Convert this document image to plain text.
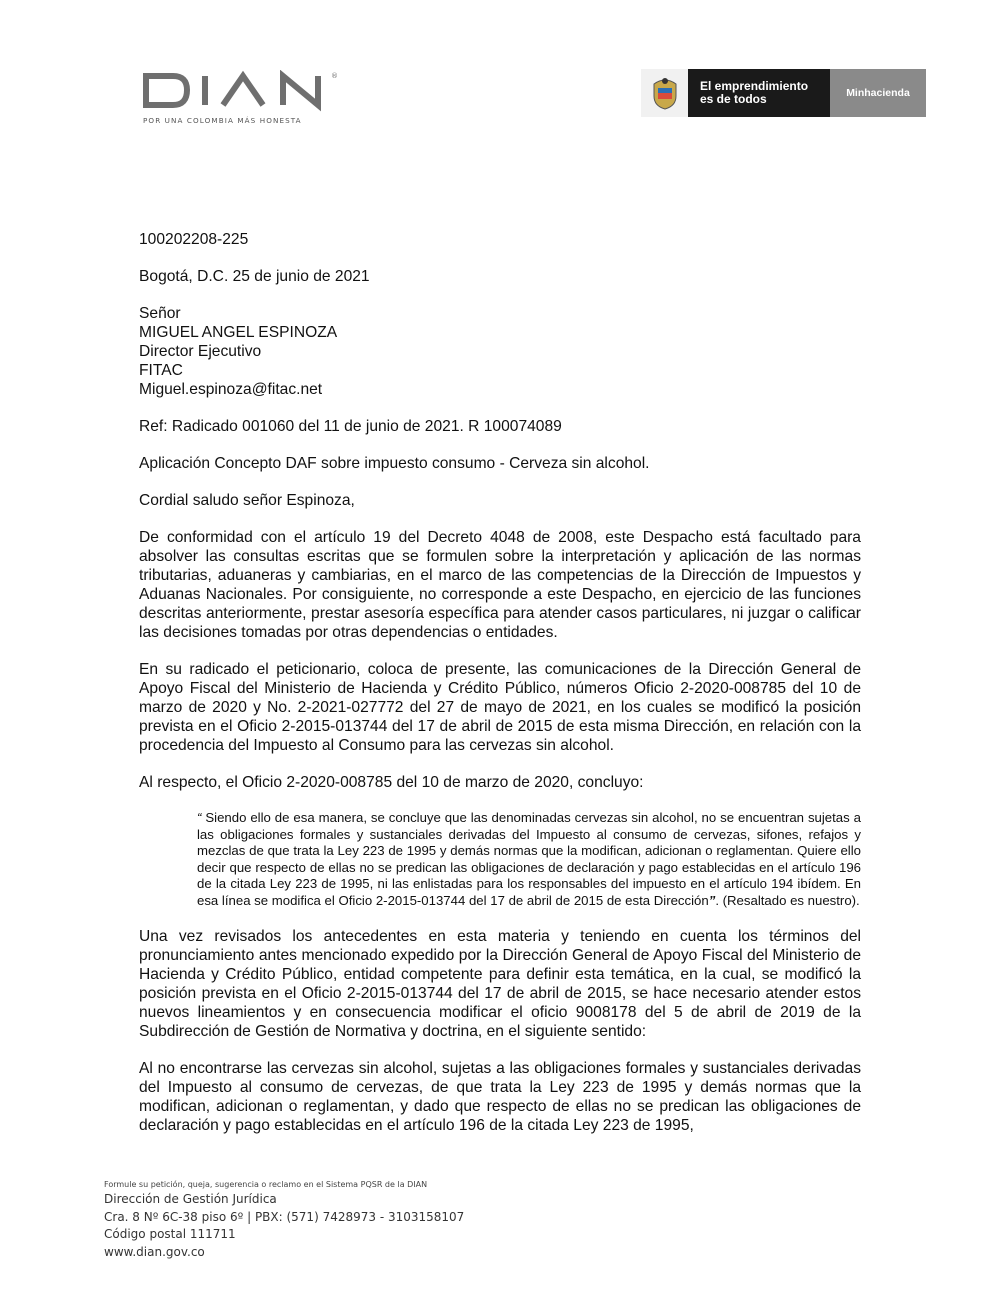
®
POR UNA COLOMBIA MÁS HONESTA
El emprendimiento
es de todos	Minhacienda

100202208-225

Bogotá, D.C. 25 de junio de 2021

Señor

MIGUEL ANGEL ESPINOZA

Director Ejecutivo

FITAC

Miguel.espinoza@fitac.net

Ref: Radicado 001060 del 11 de junio de 2021. R 100074089

Aplicación Concepto DAF sobre impuesto consumo - Cerveza sin alcohol.

Cordial saludo señor Espinoza,

De conformidad con el artículo 19 del Decreto 4048 de 2008, este Despacho está facultado para absolver las consultas escritas que se formulen sobre la interpretación y aplicación de las normas tributarias, aduaneras y cambiarias, en el marco de las competencias de la Dirección de Impuestos y Aduanas Nacionales. Por consiguiente, no corresponde a este Despacho, en ejercicio de las funciones descritas anteriormente, prestar asesoría específica para atender casos particulares, ni juzgar o calificar las decisiones tomadas por otras dependencias o entidades.

En su radicado el peticionario, coloca de presente, las comunicaciones de la Dirección General de Apoyo Fiscal del Ministerio de Hacienda y Crédito Público, números Oficio 2-2020-008785 del 10 de marzo de 2020 y No. 2-2021-027772 del 27 de mayo de 2021, en los cuales se modificó la posición prevista en el Oficio 2-2015-013744 del 17 de abril de 2015 de esta misma Dirección, en relación con la procedencia del Impuesto al Consumo para las cervezas sin alcohol.

Al respecto, el Oficio 2-2020-008785 del 10 de marzo de 2020, concluyo:

“ Siendo ello de esa manera, se concluye que las denominadas cervezas sin alcohol, no se encuentran sujetas a las obligaciones formales y sustanciales derivadas del Impuesto al consumo de cervezas, sifones, refajos y mezclas de que trata la Ley 223 de 1995 y demás normas que la modifican, adicionan o reglamentan. Quiere ello decir que respecto de ellas no se predican las obligaciones de declaración y pago establecidas en el artículo 196 de la citada Ley 223 de 1995, ni las enlistadas para los responsables del impuesto en el artículo 194 ibídem. En esa línea se modifica el Oficio 2-2015-013744 del 17 de abril de 2015 de esta Dirección”. (Resaltado es nuestro).

Una vez revisados los antecedentes en esta materia y teniendo en cuenta los términos del pronunciamiento antes mencionado expedido por la Dirección General de Apoyo Fiscal del Ministerio de Hacienda y Crédito Público, entidad competente para definir esta temática, en la cual, se modificó la posición prevista en el Oficio 2-2015-013744 del 17 de abril de 2015, se hace necesario atender estos nuevos lineamientos y en consecuencia modificar el oficio 9008178 del 5 de abril de 2019 de la Subdirección de Gestión de Normativa y doctrina, en el siguiente sentido:

Al no encontrarse las cervezas sin alcohol, sujetas a las obligaciones formales y sustanciales derivadas del Impuesto al consumo de cervezas, de que trata la Ley 223 de 1995 y demás normas que la modifican, adicionan o reglamentan, y dado que respecto de ellas no se predican las obligaciones de declaración y pago establecidas en el artículo 196 de la citada Ley 223 de 1995,

Formule su petición, queja, sugerencia o reclamo en el Sistema PQSR de la DIAN
Dirección de Gestión Jurídica
Cra. 8 Nº 6C-38 piso 6º | PBX: (571) 7428973 - 3103158107
Código postal 111711
www.dian.gov.co
